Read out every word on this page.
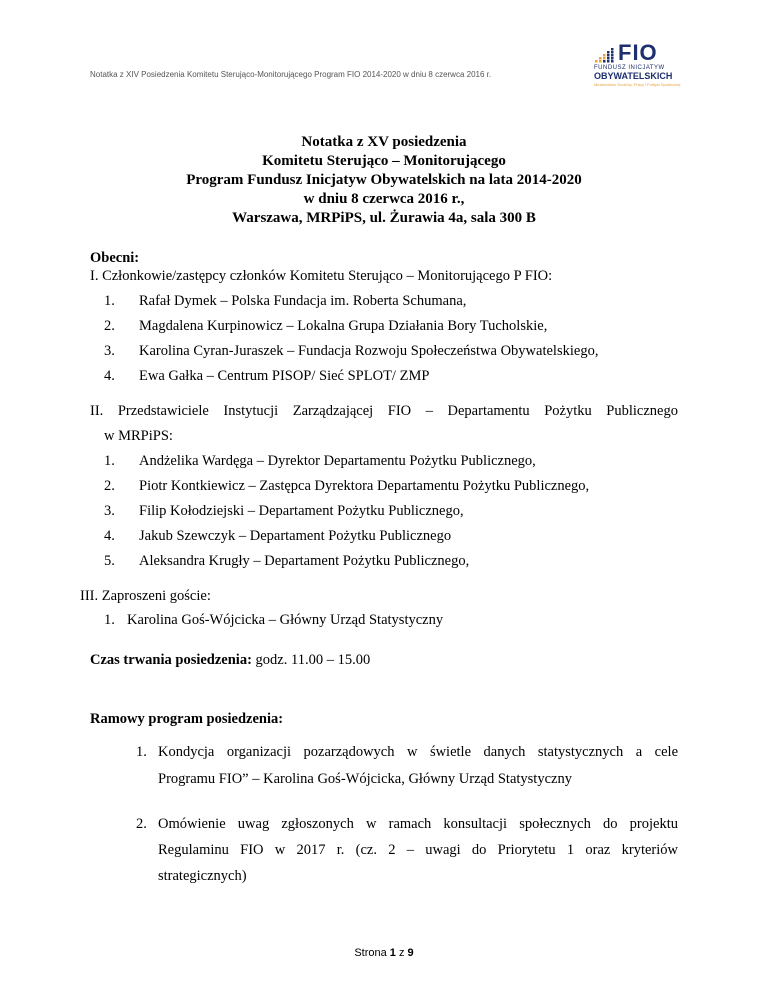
Notatka z XIV Posiedzenia Komitetu Sterująco-Monitorującego Program FIO 2014-2020 w dniu 8 czerwca 2016 r.
FIO
FUNDUSZ INICJATYW
OBYWATELSKICH
Ministerstwo Rodziny, Pracy i Polityki Społecznej
Notatka z XV posiedzenia
Komitetu Sterująco – Monitorującego
Program Fundusz Inicjatyw Obywatelskich na lata 2014-2020
w dniu 8 czerwca 2016 r.,
Warszawa, MRPiPS, ul. Żurawia 4a, sala 300 B
Obecni:
I. Członkowie/zastępcy członków Komitetu Sterująco – Monitorującego P FIO:
1. Rafał Dymek – Polska Fundacja im. Roberta Schumana,
2. Magdalena Kurpinowicz – Lokalna Grupa Działania Bory Tucholskie,
3. Karolina Cyran-Juraszek – Fundacja Rozwoju Społeczeństwa Obywatelskiego,
4. Ewa Gałka – Centrum PISOP/ Sieć SPLOT/ ZMP
II. Przedstawiciele Instytucji Zarządzającej FIO – Departamentu Pożytku Publicznego
w MRPiPS:
1. Andżelika Wardęga – Dyrektor Departamentu Pożytku Publicznego,
2. Piotr Kontkiewicz – Zastępca Dyrektora Departamentu Pożytku Publicznego,
3. Filip Kołodziejski – Departament Pożytku Publicznego,
4. Jakub Szewczyk – Departament Pożytku Publicznego
5. Aleksandra Krugły – Departament Pożytku Publicznego,
III. Zaproszeni goście:
1. Karolina Goś-Wójcicka – Główny Urząd Statystyczny
Czas trwania posiedzenia: godz. 11.00 – 15.00
Ramowy program posiedzenia:
1. Kondycja organizacji pozarządowych w świetle danych statystycznych a cele
Programu FIO” – Karolina Goś-Wójcicka, Główny Urząd Statystyczny
2. Omówienie uwag zgłoszonych w ramach konsultacji społecznych do projektu
Regulaminu FIO w 2017 r. (cz. 2 – uwagi do Priorytetu 1 oraz kryteriów
strategicznych)
Strona 1 z 9
